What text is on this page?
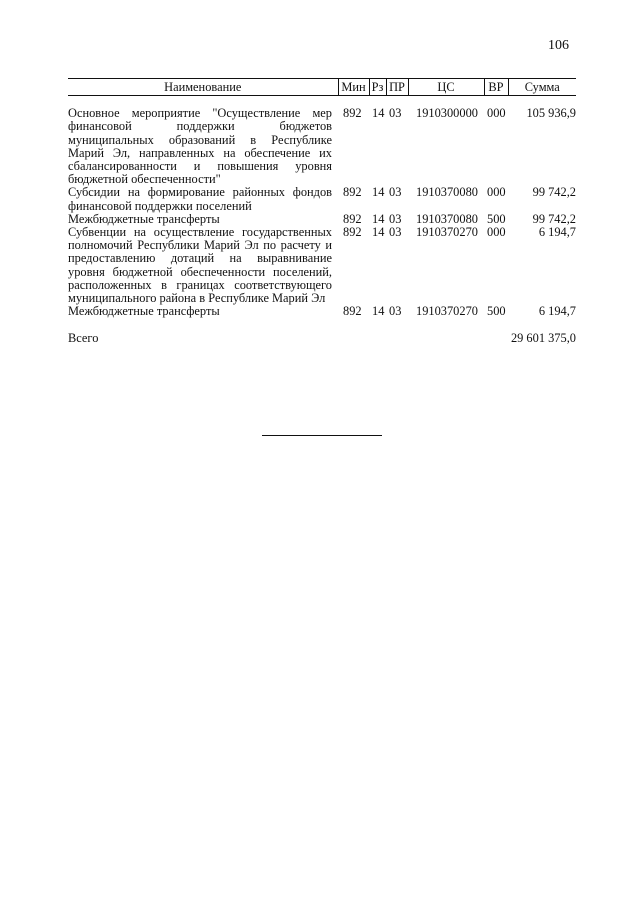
106
Наименование	Мин	Рз	ПР	ЦС	ВР	Сумма
Основное мероприятие "Осуществление мер финансовой поддержки бюджетов муниципальных образований в Республике Марий Эл, направленных на обеспечение их сбалансированности и повышения уровня бюджетной обеспеченности"	892	14	03	1910300000	000	105 936,9
Субсидии на формирование районных фондов финансовой поддержки поселений	892	14	03	1910370080	000	99 742,2
Межбюджетные трансферты	892	14	03	1910370080	500	99 742,2
Субвенции на осуществление государственных полномочий Республики Марий Эл по расчету и предоставлению дотаций на выравнивание уровня бюджетной обеспеченности поселений, расположенных в границах соответствующего муниципального района в Республике Марий Эл	892	14	03	1910370270	000	6 194,7
Межбюджетные трансферты	892	14	03	1910370270	500	6 194,7
Всего	29 601 375,0					
